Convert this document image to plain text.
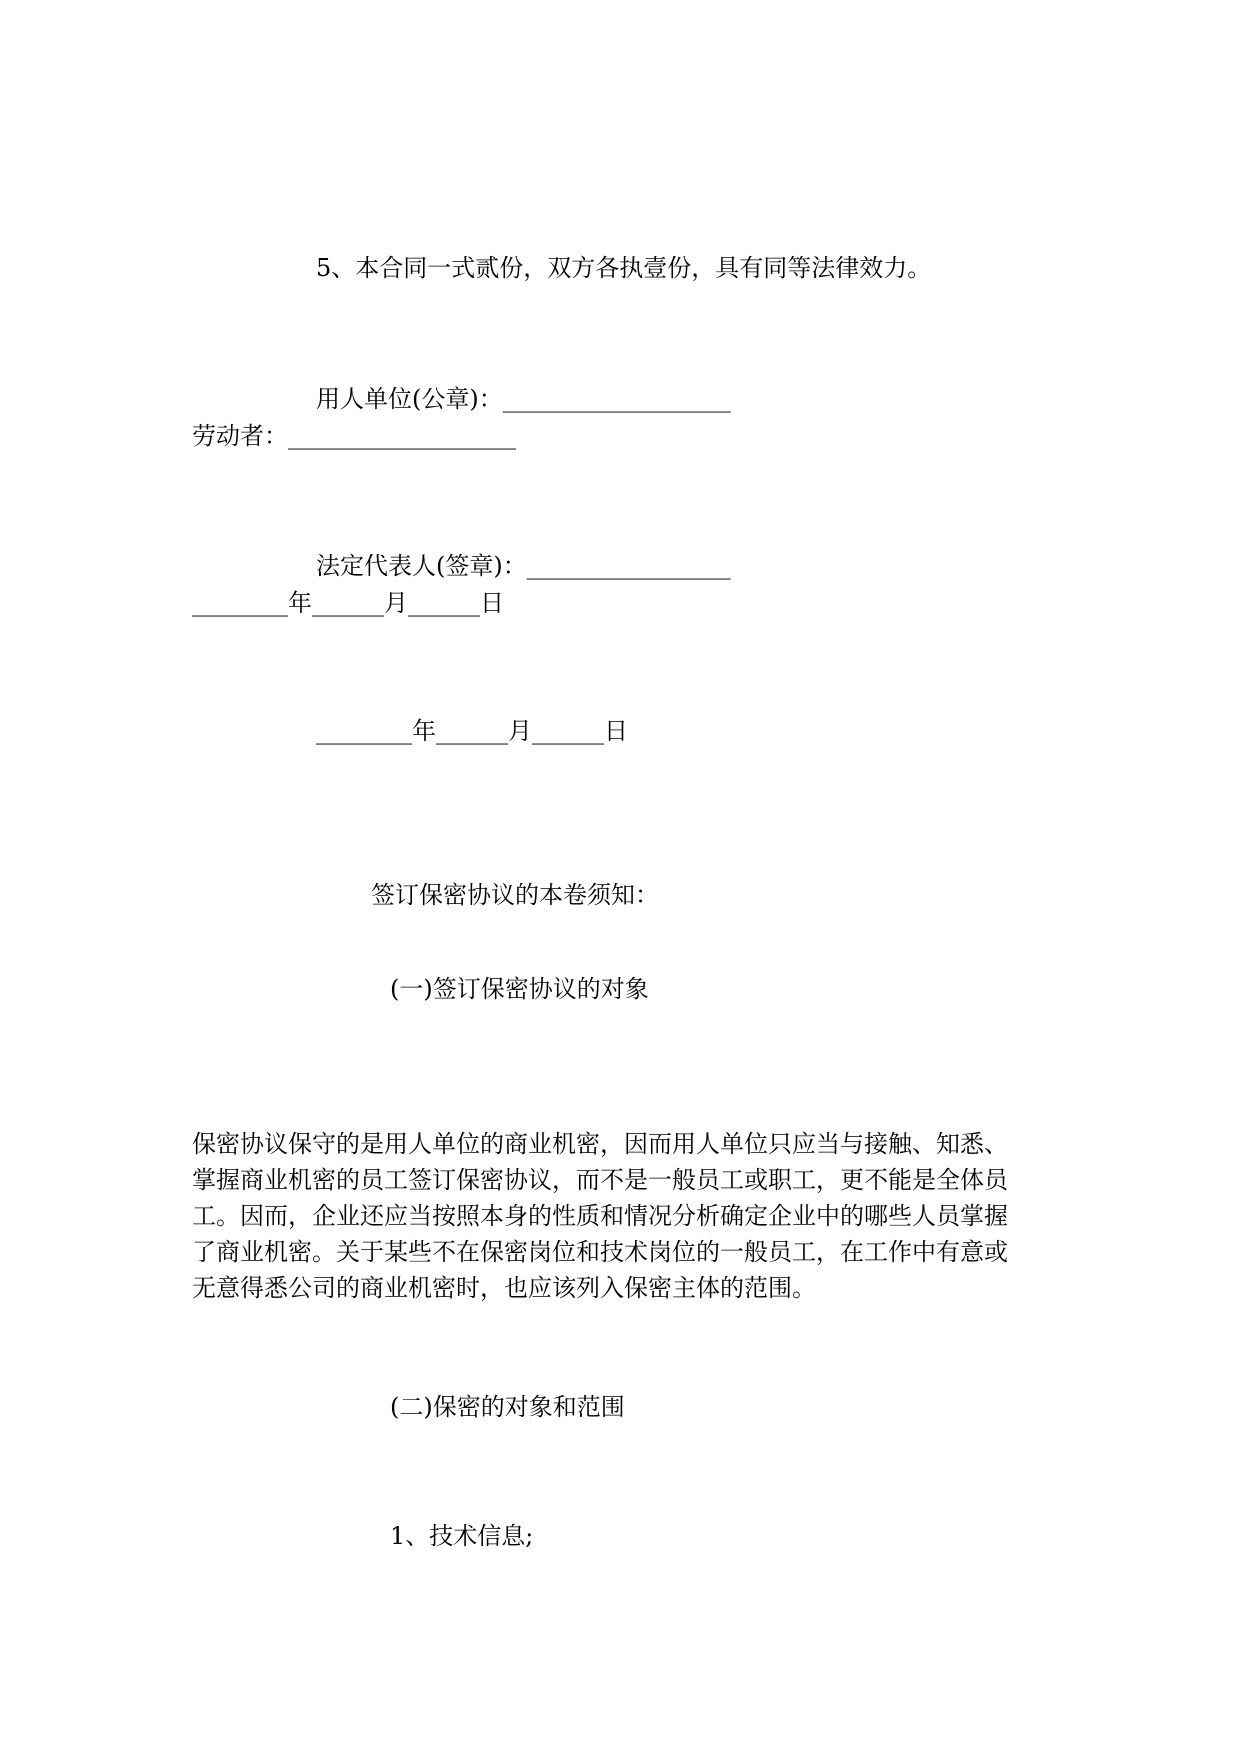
5、本合同一式贰份，双方各执壹份，具有同等法律效力。
用人单位(公章)：___________________
劳动者：___________________
法定代表人(签章)：_________________
________年______月______日
________年______月______日
签订保密协议的本卷须知：
(一)签订保密协议的对象
保密协议保守的是用人单位的商业机密，因而用人单位只应当与接触、知悉、
掌握商业机密的员工签订保密协议，而不是一般员工或职工，更不能是全体员
工。因而，企业还应当按照本身的性质和情况分析确定企业中的哪些人员掌握
了商业机密。关于某些不在保密岗位和技术岗位的一般员工，在工作中有意或
无意得悉公司的商业机密时，也应该列入保密主体的范围。
(二)保密的对象和范围
1、技术信息;
